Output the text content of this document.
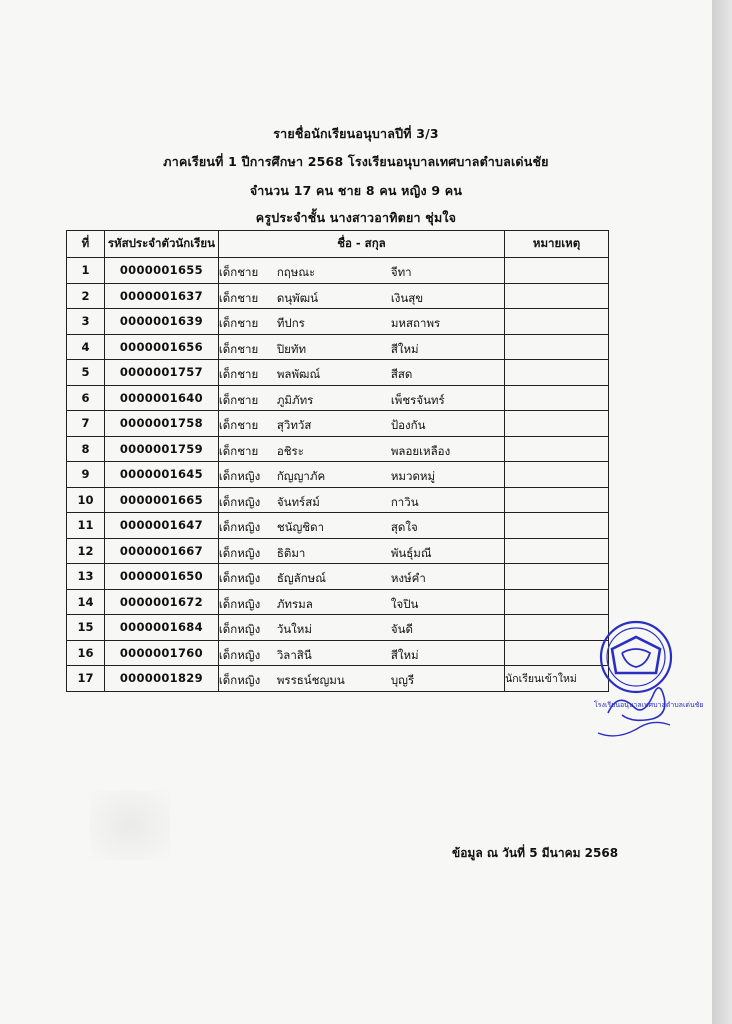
รายชื่อนักเรียนอนุบาลปีที่ 3/3
ภาคเรียนที่ 1 ปีการศึกษา 2568 โรงเรียนอนุบาลเทศบาลตำบลเด่นชัย
จำนวน 17 คน ชาย 8 คน หญิง 9 คน
ครูประจำชั้น นางสาวอาทิตยา ชุ่มใจ
ที่	รหัสประจำตัวนักเรียน	ชื่อ - สกุล	หมายเหตุ
1	0000001655	เด็กชาย กฤษณะ จีทา	

2	0000001637	เด็กชาย ดนุพัฒน์ เงินสุข	

3	0000001639	เด็กชาย ทีปกร มหสถาพร	

4	0000001656	เด็กชาย ปิยทัท สีใหม่	

5	0000001757	เด็กชาย พลพัฒณ์ สีสด	

6	0000001640	เด็กชาย ภูมิภัทร เพ็ชรจันทร์	

7	0000001758	เด็กชาย สุวิทวัส ป้องกัน	

8	0000001759	เด็กชาย อชิระ พลอยเหลือง	

9	0000001645	เด็กหญิง กัญญาภัค หมวดหมู่	

10	0000001665	เด็กหญิง จันทร์สม์ กาวิน	

11	0000001647	เด็กหญิง ชนัญชิดา สุดใจ	

12	0000001667	เด็กหญิง ธิติมา พันธุ์มณี	

13	0000001650	เด็กหญิง ธัญลักษณ์ หงษ์คำ	

14	0000001672	เด็กหญิง ภัทรมล ใจปิน	

15	0000001684	เด็กหญิง วันใหม่ จันดี	

16	0000001760	เด็กหญิง วิลาสินี สีใหม่	

17	0000001829	เด็กหญิง พรรธน์ชญมน บุญรี	นักเรียนเข้าใหม่
ข้อมูล ณ วันที่ 5 มีนาคม 2568
โรงเรียนอนุบาลเทศบาลตำบลเด่นชัย
